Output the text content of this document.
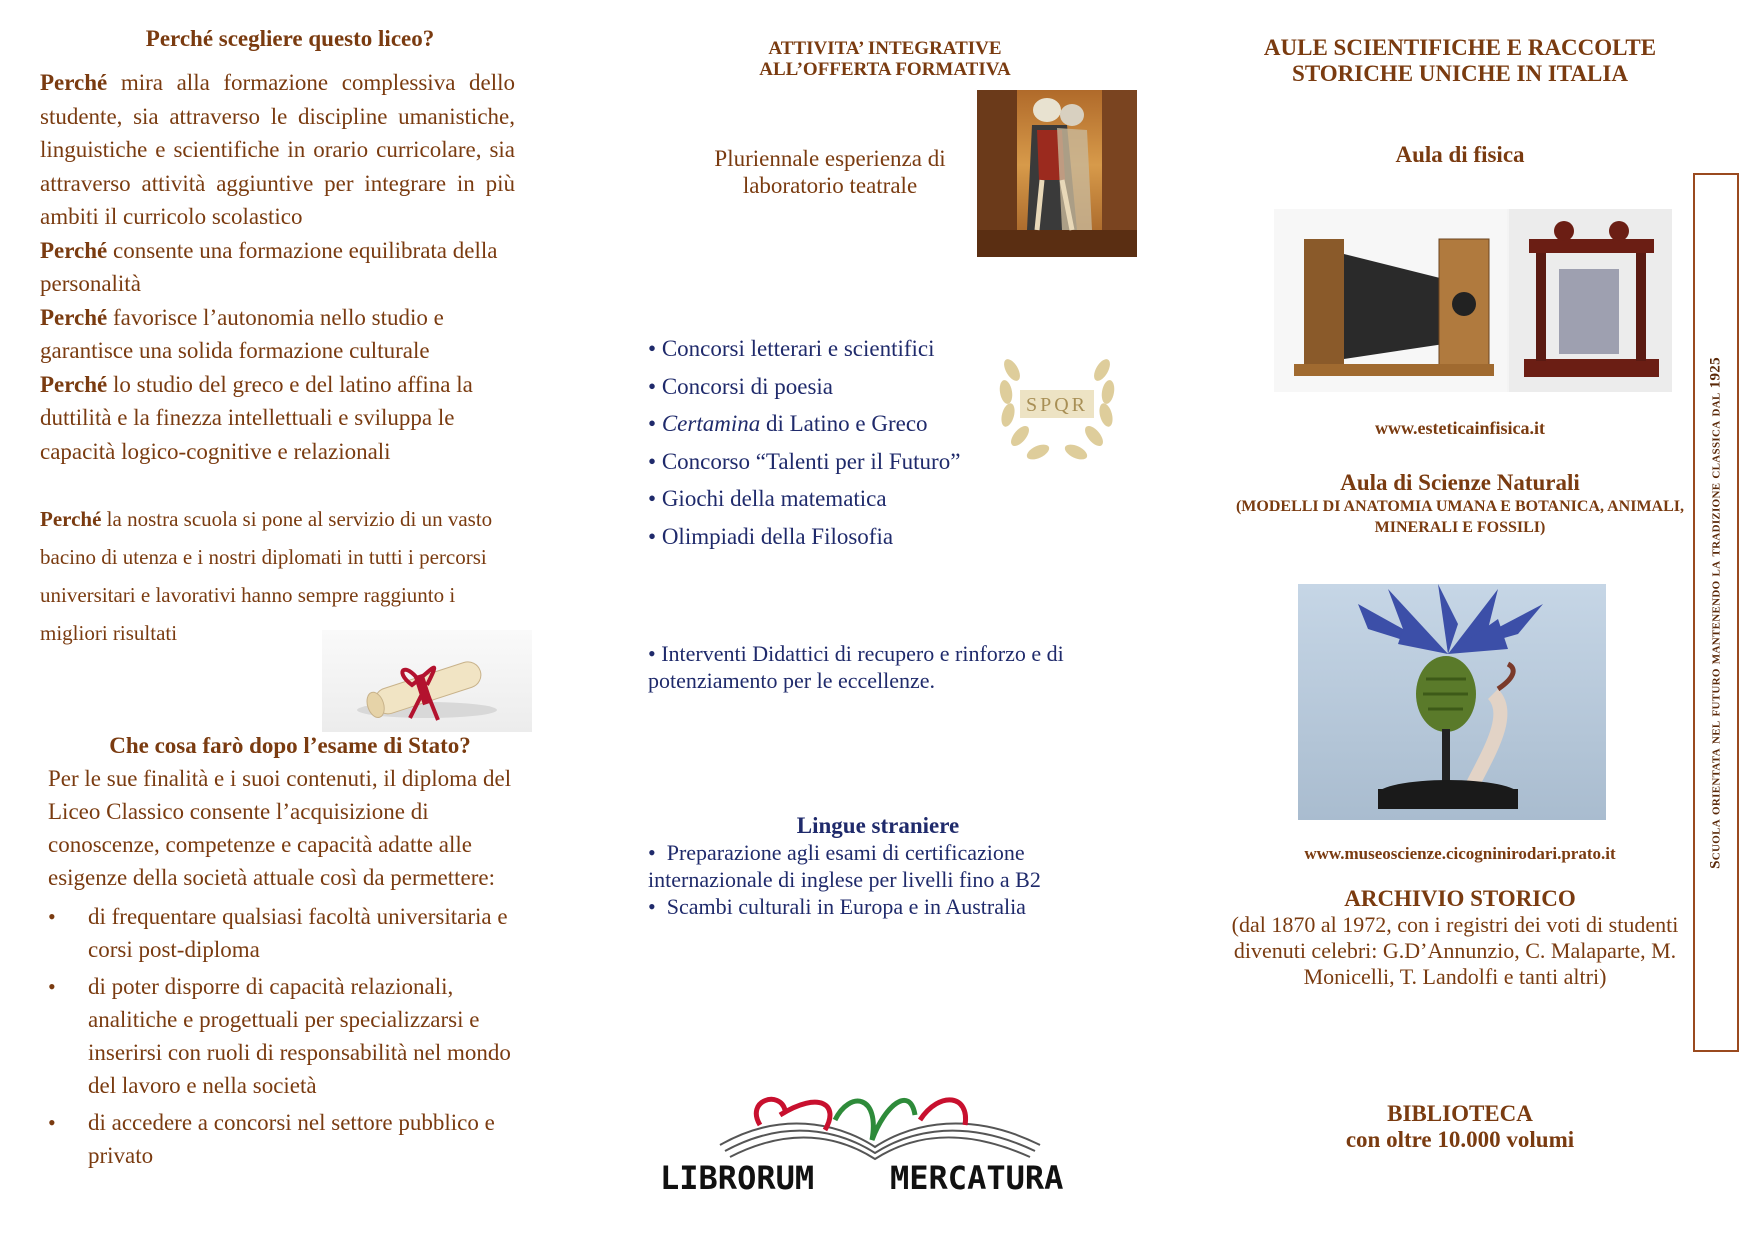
Perché scegliere questo liceo?

Perché mira alla formazione complessiva dello studente, sia attraverso le discipline umanistiche, linguistiche e scientifiche in orario curricolare, sia attraverso attività aggiuntive per integrare in più ambiti il curricolo scolastico

Perché consente una formazione equilibrata della personalità

Perché favorisce l’autonomia nello studio e garantisce una solida formazione culturale

Perché lo studio del greco e del latino affina la duttilità e la finezza intellettuali e sviluppa le capacità logico-cognitive e relazionali

Perché la nostra scuola si pone al servizio di un vasto bacino di utenza e i nostri diplomati in tutti i percorsi universitari e lavorativi hanno sempre raggiunto i migliori risultati

Che cosa farò dopo l’esame di Stato?
Per le sue finalità e i suoi contenuti, il diploma del Liceo Classico consente l’acquisizione di conoscenze, competenze e capacità adatte alle esigenze della società attuale così da permettere:
• di frequentare qualsiasi facoltà universitaria e corsi post-diploma
• di poter disporre di capacità relazionali, analitiche e progettuali per specializzarsi e inserirsi con ruoli di responsabilità nel mondo del lavoro e nella società
• di accedere a concorsi nel settore pubblico e privato
ATTIVITA’ INTEGRATIVE
ALL’OFFERTA FORMATIVA
Pluriennale esperienza di laboratorio teatrale
SPQR
• Concorsi letterari e scientifici
• Concorsi di poesia
• Certamina di Latino e Greco
• Concorso “Talenti per il Futuro”
• Giochi della matematica
• Olimpiadi della Filosofia
• Interventi Didattici di recupero e rinforzo e di potenziamento per le eccellenze.
Lingue straniere
•  Preparazione agli esami di certificazione internazionale di inglese per livelli fino a B2
•  Scambi culturali in Europa e in Australia
LIBRORUM MERCATURA
AULE SCIENTIFICHE E RACCOLTE STORICHE UNICHE IN ITALIA
Aula di fisica
www.esteticainfisica.it
Aula di Scienze Naturali
(MODELLI DI ANATOMIA UMANA E BOTANICA, ANIMALI, MINERALI E FOSSILI)
www.museoscienze.cicogninirodari.prato.it
ARCHIVIO STORICO
(dal 1870 al 1972, con i registri dei voti di studenti divenuti celebri: G.D’Annunzio, C. Malaparte, M. Monicelli, T. Landolfi e tanti altri)
BIBLIOTECA
con oltre 10.000 volumi
Scuola orientata nel futuro mantenendo la tradizione classica dal 1925
